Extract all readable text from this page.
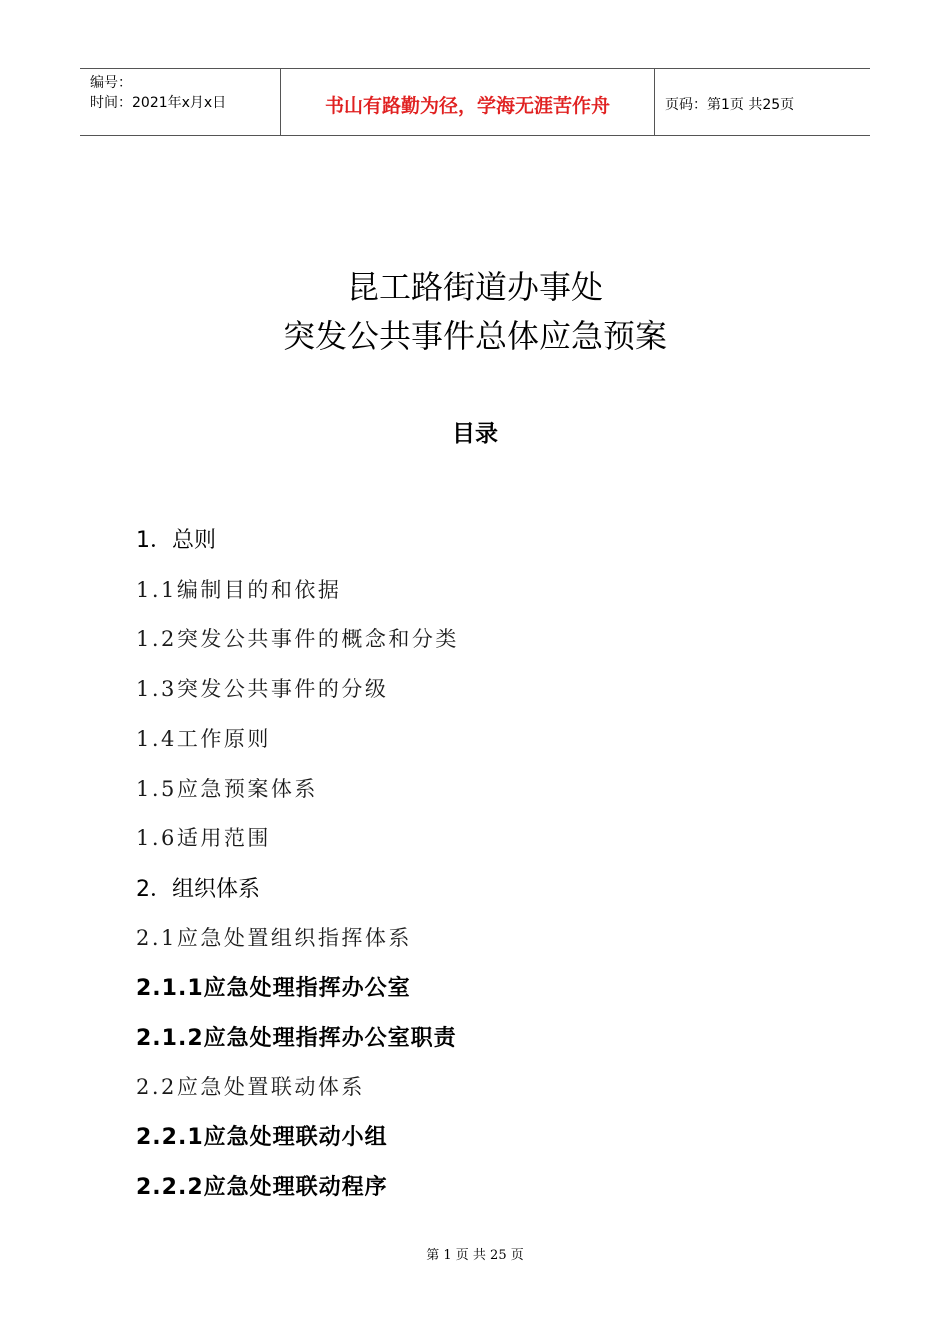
编号：
时间：2021年x月x日	书山有路勤为径，学海无涯苦作舟	页码：第1页 共25页
昆工路街道办事处
突发公共事件总体应急预案
目录
1．总则
1.1编制目的和依据
1.2突发公共事件的概念和分类
1.3突发公共事件的分级
1.4工作原则
1.5应急预案体系
1.6适用范围
2．组织体系
2.1应急处置组织指挥体系
2.1.1应急处理指挥办公室
2.1.2应急处理指挥办公室职责
2.2应急处置联动体系
2.2.1应急处理联动小组
2.2.2应急处理联动程序
第 1 页 共 25 页
